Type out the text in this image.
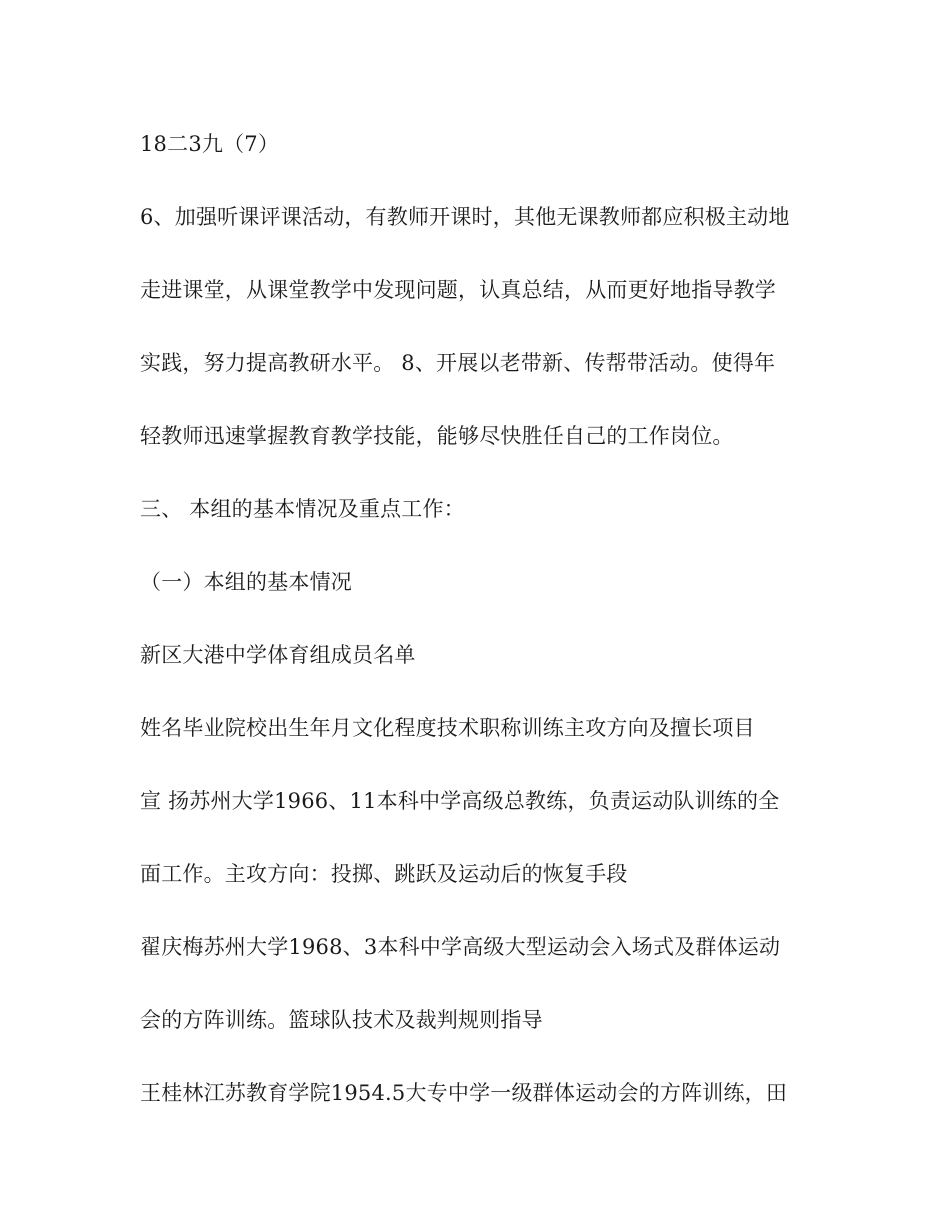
18二3九（7）
6、加强听课评课活动，有教师开课时，其他无课教师都应积极主动地
走进课堂，从课堂教学中发现问题，认真总结，从而更好地指导教学
实践，努力提高教研水平。 8、开展以老带新、传帮带活动。使得年
轻教师迅速掌握教育教学技能，能够尽快胜任自己的工作岗位。
三、 本组的基本情况及重点工作：
（一）本组的基本情况
新区大港中学体育组成员名单
姓名毕业院校出生年月文化程度技术职称训练主攻方向及擅长项目
宣 扬苏州大学1966、11本科中学高级总教练，负责运动队训练的全
面工作。主攻方向：投掷、跳跃及运动后的恢复手段
翟庆梅苏州大学1968、3本科中学高级大型运动会入场式及群体运动
会的方阵训练。篮球队技术及裁判规则指导
王桂林江苏教育学院1954.5大专中学一级群体运动会的方阵训练，田
